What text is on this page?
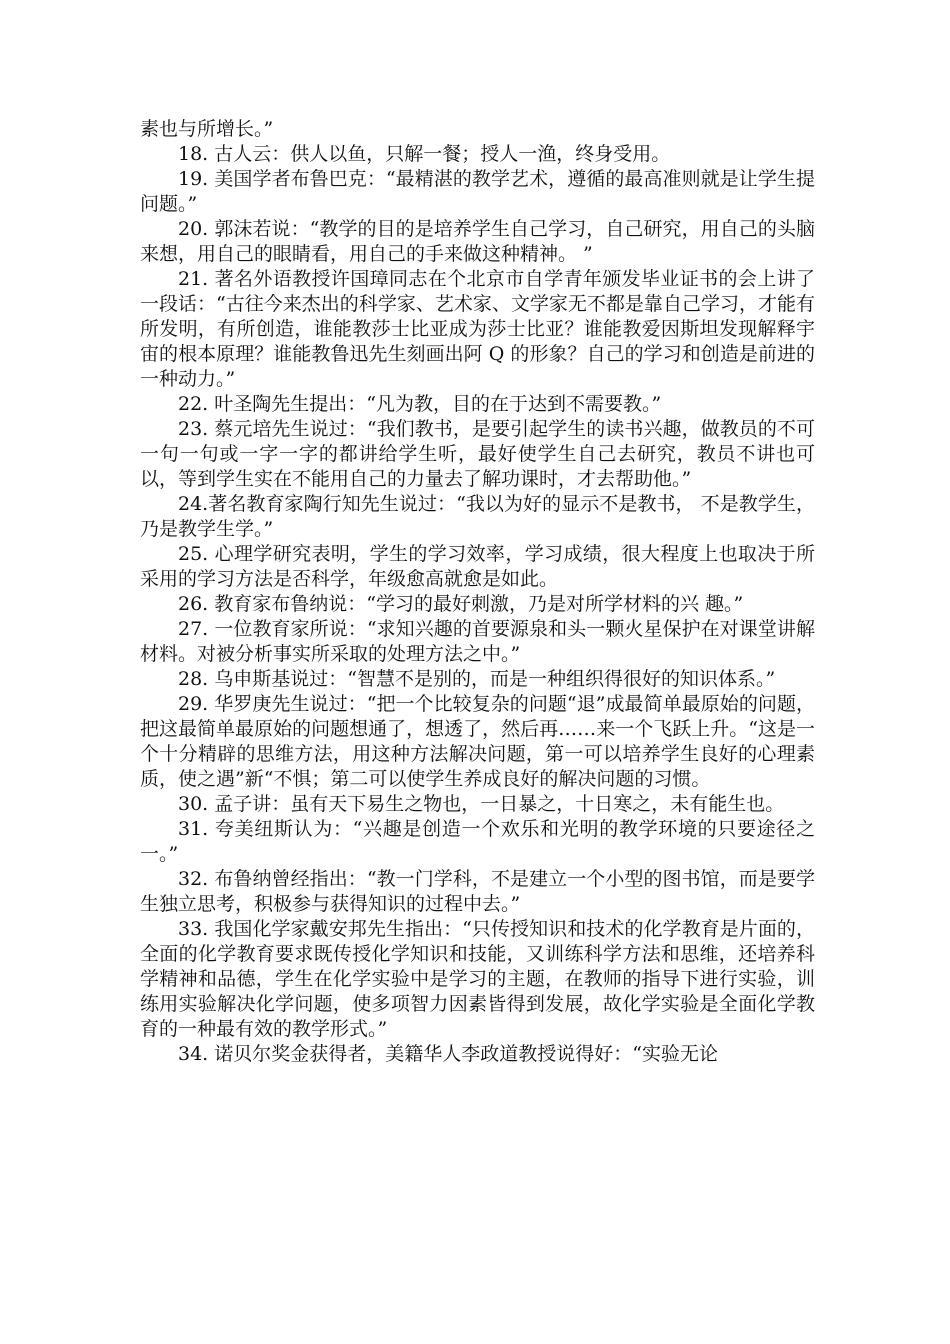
素也与所增长。”

18. 古人云：供人以鱼，只解一餐；授人一渔，终身受用。

19. 美国学者布鲁巴克：“最精湛的教学艺术，遵循的最高准则就是让学生提问题。”

20. 郭沫若说：“教学的目的是培养学生自己学习，自己研究，用自己的头脑来想，用自己的眼睛看，用自己的手来做这种精神。 ”

21. 著名外语教授许国璋同志在个北京市自学青年颁发毕业证书的会上讲了一段话：“古往今来杰出的科学家、艺术家、文学家无不都是靠自己学习，才能有所发明，有所创造，谁能教莎士比亚成为莎士比亚？谁能教爱因斯坦发现解释宇宙的根本原理？谁能教鲁迅先生刻画出阿 Q 的形象？自己的学习和创造是前进的一种动力。”

22. 叶圣陶先生提出：“凡为教，目的在于达到不需要教。”

23. 蔡元培先生说过：“我们教书，是要引起学生的读书兴趣，做教员的不可一句一句或一字一字的都讲给学生听，最好使学生自己去研究，教员不讲也可以，等到学生实在不能用自己的力量去了解功课时，才去帮助他。”

24.著名教育家陶行知先生说过：“我以为好的显示不是教书， 不是教学生，乃是教学生学。”

25. 心理学研究表明，学生的学习效率，学习成绩，很大程度上也取决于所采用的学习方法是否科学，年级愈高就愈是如此。

26. 教育家布鲁纳说：“学习的最好刺激，乃是对所学材料的兴 趣。”

27. 一位教育家所说：“求知兴趣的首要源泉和头一颗火星保护在对课堂讲解材料。对被分析事实所采取的处理方法之中。”

28. 乌申斯基说过：“智慧不是别的，而是一种组织得很好的知识体系。”

29. 华罗庚先生说过：“把一个比较复杂的问题“退”成最简单最原始的问题，把这最简单最原始的问题想通了，想透了，然后再……来一个飞跃上升。“这是一个十分精辟的思维方法，用这种方法解决问题，第一可以培养学生良好的心理素质，使之遇”新“不惧；第二可以使学生养成良好的解决问题的习惯。

30. 孟子讲：虽有天下易生之物也，一日暴之，十日寒之，未有能生也。

31. 夸美纽斯认为：“兴趣是创造一个欢乐和光明的教学环境的只要途径之一。”

32. 布鲁纳曾经指出：“教一门学科，不是建立一个小型的图书馆，而是要学生独立思考，积极参与获得知识的过程中去。”

33. 我国化学家戴安邦先生指出：“只传授知识和技术的化学教育是片面的，全面的化学教育要求既传授化学知识和技能，又训练科学方法和思维，还培养科学精神和品德，学生在化学实验中是学习的主题，在教师的指导下进行实验，训练用实验解决化学问题，使多项智力因素皆得到发展，故化学实验是全面化学教育的一种最有效的教学形式。”

34. 诺贝尔奖金获得者，美籍华人李政道教授说得好：“实验无论
